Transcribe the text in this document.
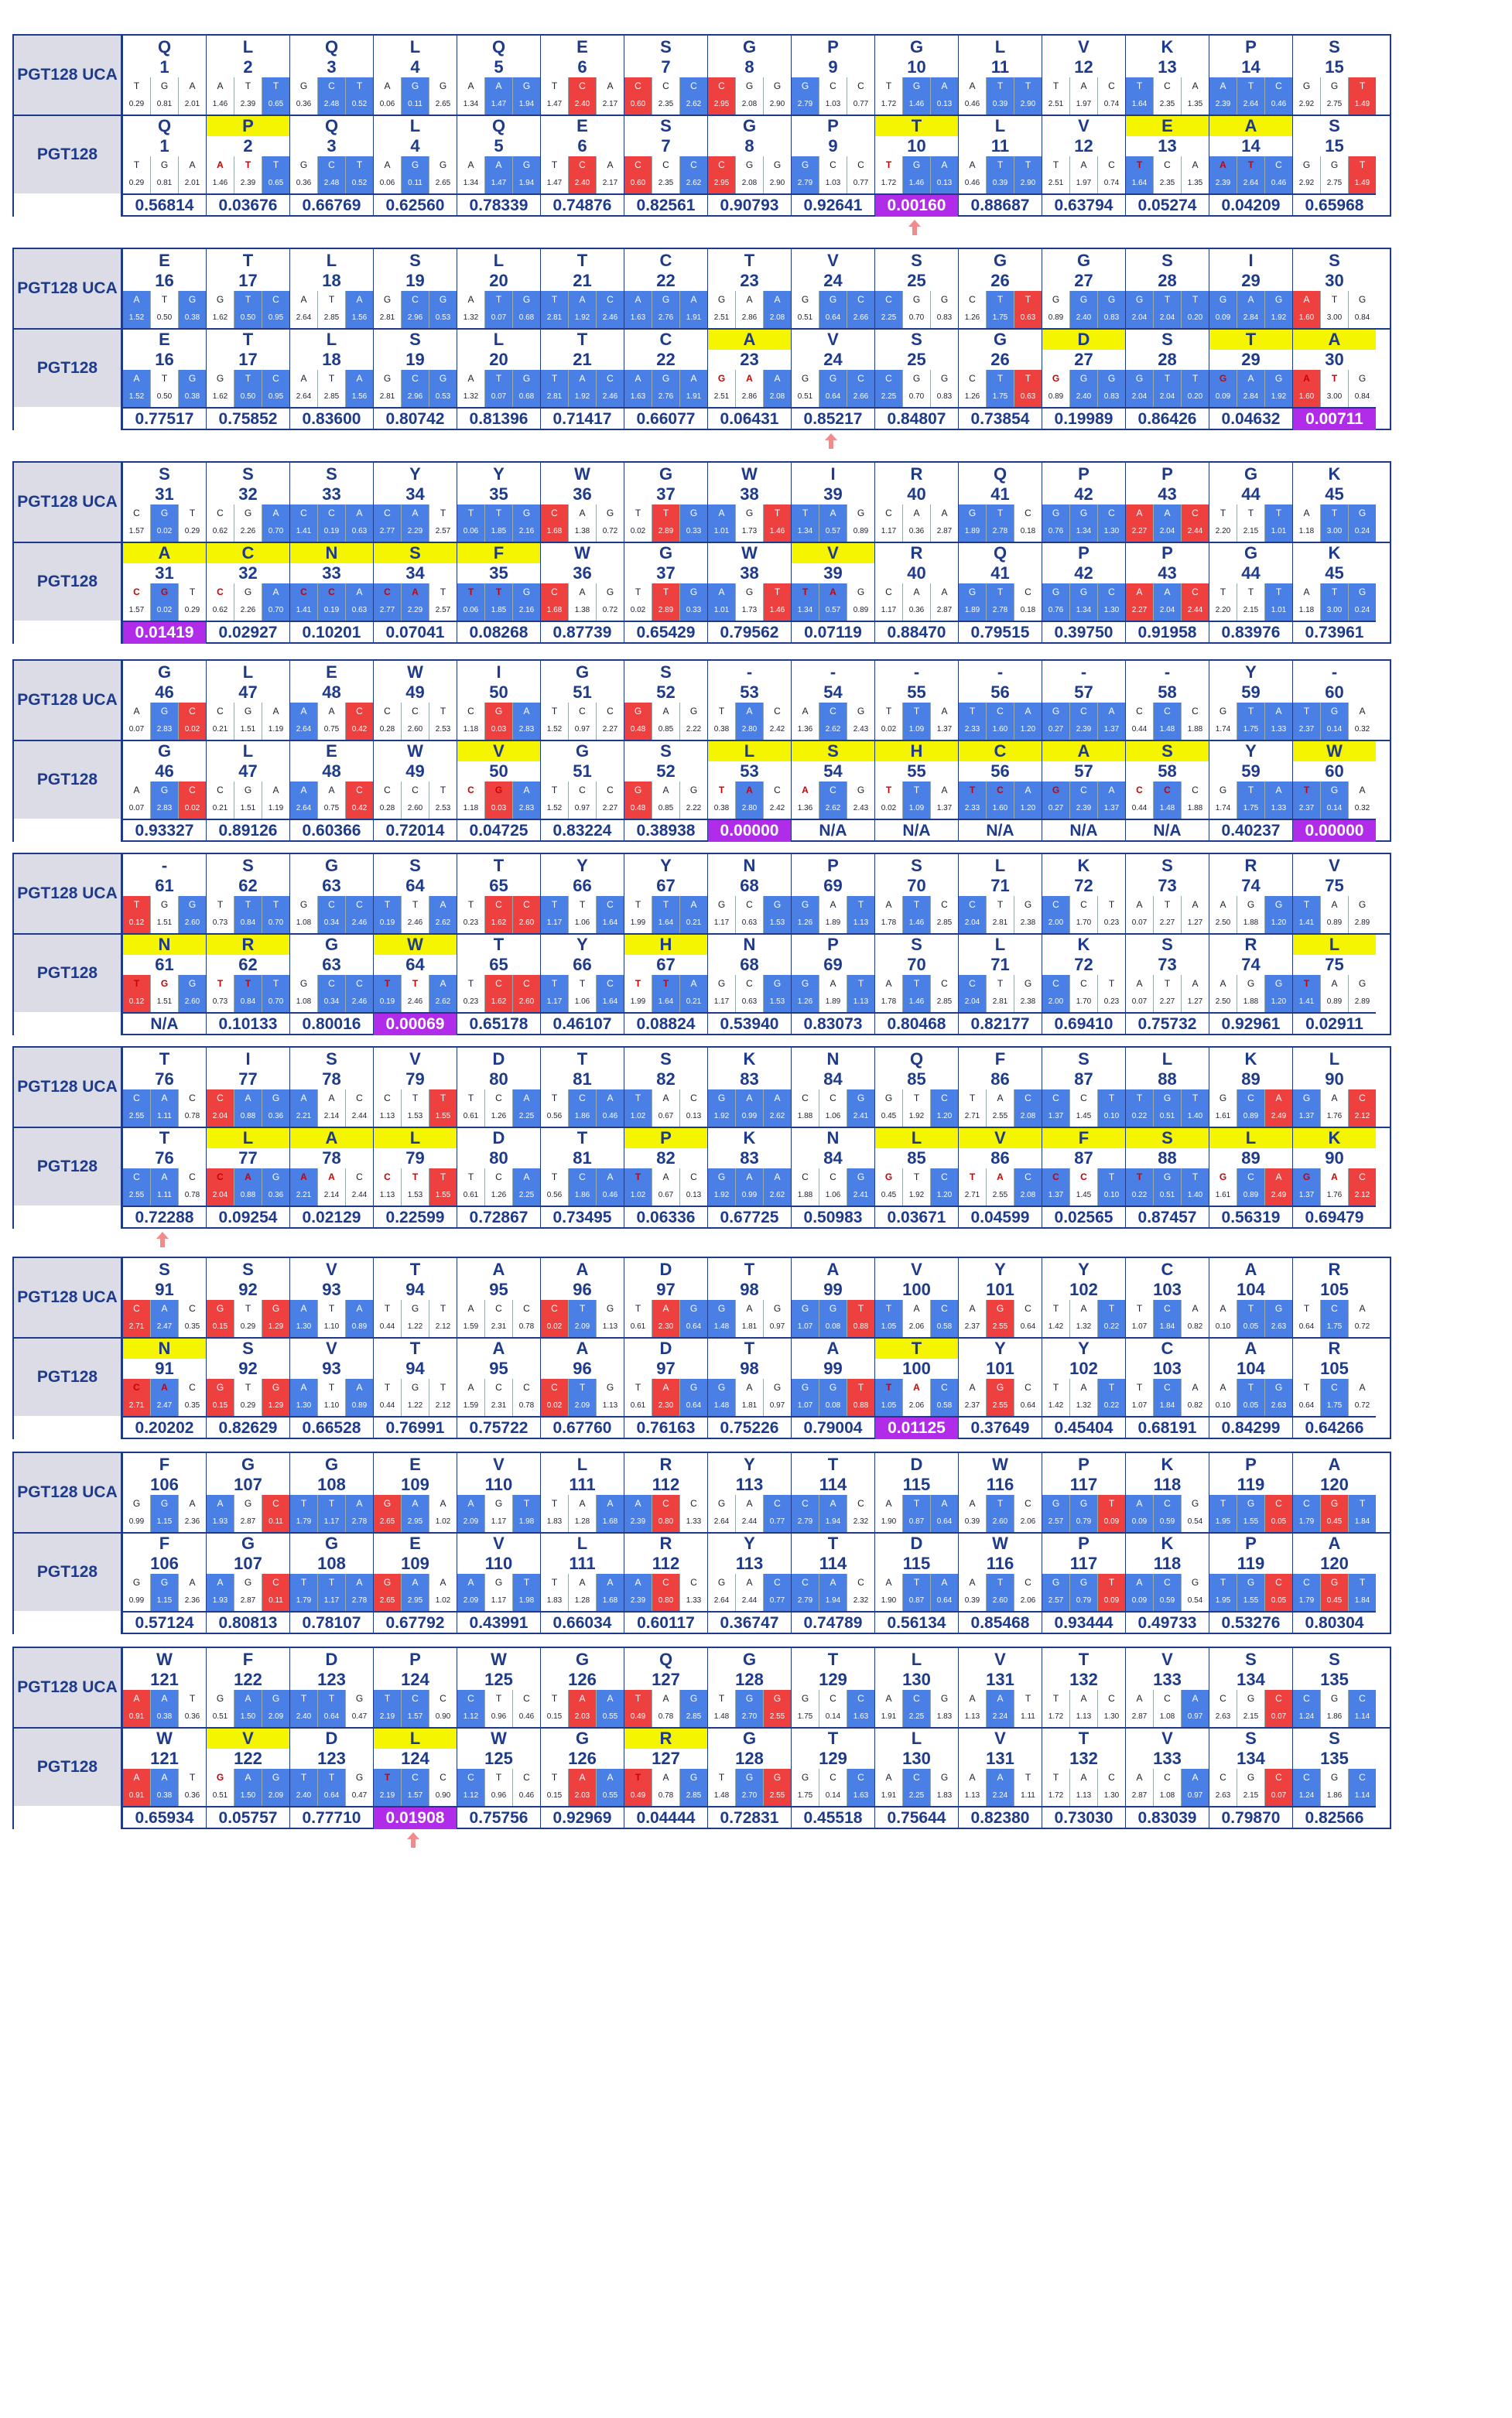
PGT128 UCA
PGT128
Q
1
T
0.29
G
0.81
A
2.01
Q
1
T
0.29
G
0.81
A
2.01
0.56814
L
2
A
1.46
T
2.39
T
0.65
P
2
A
1.46
T
2.39
T
0.65
0.03676
Q
3
G
0.36
C
2.48
T
0.52
Q
3
G
0.36
C
2.48
T
0.52
0.66769
L
4
A
0.06
G
0.11
G
2.65
L
4
A
0.06
G
0.11
G
2.65
0.62560
Q
5
A
1.34
A
1.47
G
1.94
Q
5
A
1.34
A
1.47
G
1.94
0.78339
E
6
T
1.47
C
2.40
A
2.17
E
6
T
1.47
C
2.40
A
2.17
0.74876
S
7
C
0.60
C
2.35
C
2.62
S
7
C
0.60
C
2.35
C
2.62
0.82561
G
8
C
2.95
G
2.08
G
2.90
G
8
C
2.95
G
2.08
G
2.90
0.90793
P
9
G
2.79
C
1.03
C
0.77
P
9
G
2.79
C
1.03
C
0.77
0.92641
G
10
T
1.72
G
1.46
A
0.13
T
10
T
1.72
G
1.46
A
0.13
0.00160
L
11
A
0.46
T
0.39
T
2.90
L
11
A
0.46
T
0.39
T
2.90
0.88687
V
12
T
2.51
A
1.97
C
0.74
V
12
T
2.51
A
1.97
C
0.74
0.63794
K
13
T
1.64
C
2.35
A
1.35
E
13
T
1.64
C
2.35
A
1.35
0.05274
P
14
A
2.39
T
2.64
C
0.46
A
14
A
2.39
T
2.64
C
0.46
0.04209
S
15
G
2.92
G
2.75
T
1.49
S
15
G
2.92
G
2.75
T
1.49
0.65968
PGT128 UCA
PGT128
E
16
A
1.52
T
0.50
G
0.38
E
16
A
1.52
T
0.50
G
0.38
0.77517
T
17
G
1.62
T
0.50
C
0.95
T
17
G
1.62
T
0.50
C
0.95
0.75852
L
18
A
2.64
T
2.85
A
1.56
L
18
A
2.64
T
2.85
A
1.56
0.83600
S
19
G
2.81
C
2.96
G
0.53
S
19
G
2.81
C
2.96
G
0.53
0.80742
L
20
A
1.32
T
0.07
G
0.68
L
20
A
1.32
T
0.07
G
0.68
0.81396
T
21
T
2.81
A
1.92
C
2.46
T
21
T
2.81
A
1.92
C
2.46
0.71417
C
22
A
1.63
G
2.76
A
1.91
C
22
A
1.63
G
2.76
A
1.91
0.66077
T
23
G
2.51
A
2.86
A
2.08
A
23
G
2.51
A
2.86
A
2.08
0.06431
V
24
G
0.51
G
0.64
C
2.66
V
24
G
0.51
G
0.64
C
2.66
0.85217
S
25
C
2.25
G
0.70
G
0.83
S
25
C
2.25
G
0.70
G
0.83
0.84807
G
26
C
1.26
T
1.75
T
0.63
G
26
C
1.26
T
1.75
T
0.63
0.73854
G
27
G
0.89
G
2.40
G
0.83
D
27
G
0.89
G
2.40
G
0.83
0.19989
S
28
G
2.04
T
2.04
T
0.20
S
28
G
2.04
T
2.04
T
0.20
0.86426
I
29
G
0.09
A
2.84
G
1.92
T
29
G
0.09
A
2.84
G
1.92
0.04632
S
30
A
1.60
T
3.00
G
0.84
A
30
A
1.60
T
3.00
G
0.84
0.00711
PGT128 UCA
PGT128
S
31
C
1.57
G
0.02
T
0.29
A
31
C
1.57
G
0.02
T
0.29
0.01419
S
32
C
0.62
G
2.26
A
0.70
C
32
C
0.62
G
2.26
A
0.70
0.02927
S
33
C
1.41
C
0.19
A
0.63
N
33
C
1.41
C
0.19
A
0.63
0.10201
Y
34
C
2.77
A
2.29
T
2.57
S
34
C
2.77
A
2.29
T
2.57
0.07041
Y
35
T
0.06
T
1.85
G
2.16
F
35
T
0.06
T
1.85
G
2.16
0.08268
W
36
C
1.68
A
1.38
G
0.72
W
36
C
1.68
A
1.38
G
0.72
0.87739
G
37
T
0.02
T
2.89
G
0.33
G
37
T
0.02
T
2.89
G
0.33
0.65429
W
38
A
1.01
G
1.73
T
1.46
W
38
A
1.01
G
1.73
T
1.46
0.79562
I
39
T
1.34
A
0.57
G
0.89
V
39
T
1.34
A
0.57
G
0.89
0.07119
R
40
C
1.17
A
0.36
A
2.87
R
40
C
1.17
A
0.36
A
2.87
0.88470
Q
41
G
1.89
T
2.78
C
0.18
Q
41
G
1.89
T
2.78
C
0.18
0.79515
P
42
G
0.76
G
1.34
C
1.30
P
42
G
0.76
G
1.34
C
1.30
0.39750
P
43
A
2.27
A
2.04
C
2.44
P
43
A
2.27
A
2.04
C
2.44
0.91958
G
44
T
2.20
T
2.15
T
1.01
G
44
T
2.20
T
2.15
T
1.01
0.83976
K
45
A
1.18
T
3.00
G
0.24
K
45
A
1.18
T
3.00
G
0.24
0.73961
PGT128 UCA
PGT128
G
46
A
0.07
G
2.83
C
0.02
G
46
A
0.07
G
2.83
C
0.02
0.93327
L
47
C
0.21
G
1.51
A
1.19
L
47
C
0.21
G
1.51
A
1.19
0.89126
E
48
A
2.64
A
0.75
C
0.42
E
48
A
2.64
A
0.75
C
0.42
0.60366
W
49
C
0.28
C
2.60
T
2.53
W
49
C
0.28
C
2.60
T
2.53
0.72014
I
50
C
1.18
G
0.03
A
2.83
V
50
C
1.18
G
0.03
A
2.83
0.04725
G
51
T
1.52
C
0.97
C
2.27
G
51
T
1.52
C
0.97
C
2.27
0.83224
S
52
G
0.48
A
0.85
G
2.22
S
52
G
0.48
A
0.85
G
2.22
0.38938
-
53
T
0.38
A
2.80
C
2.42
L
53
T
0.38
A
2.80
C
2.42
0.00000
-
54
A
1.36
C
2.62
G
2.43
S
54
A
1.36
C
2.62
G
2.43
N/A
-
55
T
0.02
T
1.09
A
1.37
H
55
T
0.02
T
1.09
A
1.37
N/A
-
56
T
2.33
C
1.60
A
1.20
C
56
T
2.33
C
1.60
A
1.20
N/A
-
57
G
0.27
C
2.39
A
1.37
A
57
G
0.27
C
2.39
A
1.37
N/A
-
58
C
0.44
C
1.48
C
1.88
S
58
C
0.44
C
1.48
C
1.88
N/A
Y
59
G
1.74
T
1.75
A
1.33
Y
59
G
1.74
T
1.75
A
1.33
0.40237
-
60
T
2.37
G
0.14
A
0.32
W
60
T
2.37
G
0.14
A
0.32
0.00000
PGT128 UCA
PGT128
-
61
T
0.12
G
1.51
G
2.60
N
61
T
0.12
G
1.51
G
2.60
N/A
S
62
T
0.73
T
0.84
T
0.70
R
62
T
0.73
T
0.84
T
0.70
0.10133
G
63
G
1.08
C
0.34
C
2.46
G
63
G
1.08
C
0.34
C
2.46
0.80016
S
64
T
0.19
T
2.46
A
2.62
W
64
T
0.19
T
2.46
A
2.62
0.00069
T
65
T
0.23
C
1.62
C
2.60
T
65
T
0.23
C
1.62
C
2.60
0.65178
Y
66
T
1.17
T
1.06
C
1.64
Y
66
T
1.17
T
1.06
C
1.64
0.46107
Y
67
T
1.99
T
1.64
A
0.21
H
67
T
1.99
T
1.64
A
0.21
0.08824
N
68
G
1.17
C
0.63
G
1.53
N
68
G
1.17
C
0.63
G
1.53
0.53940
P
69
G
1.26
A
1.89
T
1.13
P
69
G
1.26
A
1.89
T
1.13
0.83073
S
70
A
1.78
T
1.46
C
2.85
S
70
A
1.78
T
1.46
C
2.85
0.80468
L
71
C
2.04
T
2.81
G
2.38
L
71
C
2.04
T
2.81
G
2.38
0.82177
K
72
C
2.00
C
1.70
T
0.23
K
72
C
2.00
C
1.70
T
0.23
0.69410
S
73
A
0.07
T
2.27
A
1.27
S
73
A
0.07
T
2.27
A
1.27
0.75732
R
74
A
2.50
G
1.88
G
1.20
R
74
A
2.50
G
1.88
G
1.20
0.92961
V
75
T
1.41
A
0.89
G
2.89
L
75
T
1.41
A
0.89
G
2.89
0.02911
PGT128 UCA
PGT128
T
76
C
2.55
A
1.11
C
0.78
T
76
C
2.55
A
1.11
C
0.78
0.72288
I
77
C
2.04
A
0.88
G
0.36
L
77
C
2.04
A
0.88
G
0.36
0.09254
S
78
A
2.21
A
2.14
C
2.44
A
78
A
2.21
A
2.14
C
2.44
0.02129
V
79
C
1.13
T
1.53
T
1.55
L
79
C
1.13
T
1.53
T
1.55
0.22599
D
80
T
0.61
C
1.26
A
2.25
D
80
T
0.61
C
1.26
A
2.25
0.72867
T
81
T
0.56
C
1.86
A
0.46
T
81
T
0.56
C
1.86
A
0.46
0.73495
S
82
T
1.02
A
0.67
C
0.13
P
82
T
1.02
A
0.67
C
0.13
0.06336
K
83
G
1.92
A
0.99
A
2.62
K
83
G
1.92
A
0.99
A
2.62
0.67725
N
84
C
1.88
C
1.06
G
2.41
N
84
C
1.88
C
1.06
G
2.41
0.50983
Q
85
G
0.45
T
1.92
C
1.20
L
85
G
0.45
T
1.92
C
1.20
0.03671
F
86
T
2.71
A
2.55
C
2.08
V
86
T
2.71
A
2.55
C
2.08
0.04599
S
87
C
1.37
C
1.45
T
0.10
F
87
C
1.37
C
1.45
T
0.10
0.02565
L
88
T
0.22
G
0.51
T
1.40
S
88
T
0.22
G
0.51
T
1.40
0.87457
K
89
G
1.61
C
0.89
A
2.49
L
89
G
1.61
C
0.89
A
2.49
0.56319
L
90
G
1.37
A
1.76
C
2.12
K
90
G
1.37
A
1.76
C
2.12
0.69479
PGT128 UCA
PGT128
S
91
C
2.71
A
2.47
C
0.35
N
91
C
2.71
A
2.47
C
0.35
0.20202
S
92
G
0.15
T
0.29
G
1.29
S
92
G
0.15
T
0.29
G
1.29
0.82629
V
93
A
1.30
T
1.10
A
0.89
V
93
A
1.30
T
1.10
A
0.89
0.66528
T
94
T
0.44
G
1.22
T
2.12
T
94
T
0.44
G
1.22
T
2.12
0.76991
A
95
A
1.59
C
2.31
C
0.78
A
95
A
1.59
C
2.31
C
0.78
0.75722
A
96
C
0.02
T
2.09
G
1.13
A
96
C
0.02
T
2.09
G
1.13
0.67760
D
97
T
0.61
A
2.30
G
0.64
D
97
T
0.61
A
2.30
G
0.64
0.76163
T
98
G
1.48
A
1.81
G
0.97
T
98
G
1.48
A
1.81
G
0.97
0.75226
A
99
G
1.07
G
0.08
T
0.88
A
99
G
1.07
G
0.08
T
0.88
0.79004
V
100
T
1.05
A
2.06
C
0.58
T
100
T
1.05
A
2.06
C
0.58
0.01125
Y
101
A
2.37
G
2.55
C
0.64
Y
101
A
2.37
G
2.55
C
0.64
0.37649
Y
102
T
1.42
A
1.32
T
0.22
Y
102
T
1.42
A
1.32
T
0.22
0.45404
C
103
T
1.07
C
1.84
A
0.82
C
103
T
1.07
C
1.84
A
0.82
0.68191
A
104
A
0.10
T
0.05
G
2.63
A
104
A
0.10
T
0.05
G
2.63
0.84299
R
105
T
0.64
C
1.75
A
0.72
R
105
T
0.64
C
1.75
A
0.72
0.64266
PGT128 UCA
PGT128
F
106
G
0.99
G
1.15
A
2.36
F
106
G
0.99
G
1.15
A
2.36
0.57124
G
107
A
1.93
G
2.87
C
0.11
G
107
A
1.93
G
2.87
C
0.11
0.80813
G
108
T
1.79
T
1.17
A
2.78
G
108
T
1.79
T
1.17
A
2.78
0.78107
E
109
G
2.65
A
2.95
A
1.02
E
109
G
2.65
A
2.95
A
1.02
0.67792
V
110
A
2.09
G
1.17
T
1.98
V
110
A
2.09
G
1.17
T
1.98
0.43991
L
111
T
1.83
A
1.28
A
1.68
L
111
T
1.83
A
1.28
A
1.68
0.66034
R
112
A
2.39
C
0.80
C
1.33
R
112
A
2.39
C
0.80
C
1.33
0.60117
Y
113
G
2.64
A
2.44
C
0.77
Y
113
G
2.64
A
2.44
C
0.77
0.36747
T
114
C
2.79
A
1.94
C
2.32
T
114
C
2.79
A
1.94
C
2.32
0.74789
D
115
A
1.90
T
0.87
A
0.64
D
115
A
1.90
T
0.87
A
0.64
0.56134
W
116
A
0.39
T
2.60
C
2.06
W
116
A
0.39
T
2.60
C
2.06
0.85468
P
117
G
2.57
G
0.79
T
0.09
P
117
G
2.57
G
0.79
T
0.09
0.93444
K
118
A
0.09
C
0.59
G
0.54
K
118
A
0.09
C
0.59
G
0.54
0.49733
P
119
T
1.95
G
1.55
C
0.05
P
119
T
1.95
G
1.55
C
0.05
0.53276
A
120
C
1.79
G
0.45
T
1.84
A
120
C
1.79
G
0.45
T
1.84
0.80304
PGT128 UCA
PGT128
W
121
A
0.91
A
0.38
T
0.36
W
121
A
0.91
A
0.38
T
0.36
0.65934
F
122
G
0.51
A
1.50
G
2.09
V
122
G
0.51
A
1.50
G
2.09
0.05757
D
123
T
2.40
T
0.64
G
0.47
D
123
T
2.40
T
0.64
G
0.47
0.77710
P
124
T
2.19
C
1.57
C
0.90
L
124
T
2.19
C
1.57
C
0.90
0.01908
W
125
C
1.12
T
0.96
C
0.46
W
125
C
1.12
T
0.96
C
0.46
0.75756
G
126
T
0.15
A
2.03
A
0.55
G
126
T
0.15
A
2.03
A
0.55
0.92969
Q
127
T
0.49
A
0.78
G
2.85
R
127
T
0.49
A
0.78
G
2.85
0.04444
G
128
T
1.48
G
2.70
G
2.55
G
128
T
1.48
G
2.70
G
2.55
0.72831
T
129
G
1.75
C
0.14
C
1.63
T
129
G
1.75
C
0.14
C
1.63
0.45518
L
130
A
1.91
C
2.25
G
1.83
L
130
A
1.91
C
2.25
G
1.83
0.75644
V
131
A
1.13
A
2.24
T
1.11
V
131
A
1.13
A
2.24
T
1.11
0.82380
T
132
T
1.72
A
1.13
C
1.30
T
132
T
1.72
A
1.13
C
1.30
0.73030
V
133
A
2.87
C
1.08
A
0.97
V
133
A
2.87
C
1.08
A
0.97
0.83039
S
134
C
2.63
G
2.15
C
0.07
S
134
C
2.63
G
2.15
C
0.07
0.79870
S
135
C
1.24
G
1.86
C
1.14
S
135
C
1.24
G
1.86
C
1.14
0.82566
